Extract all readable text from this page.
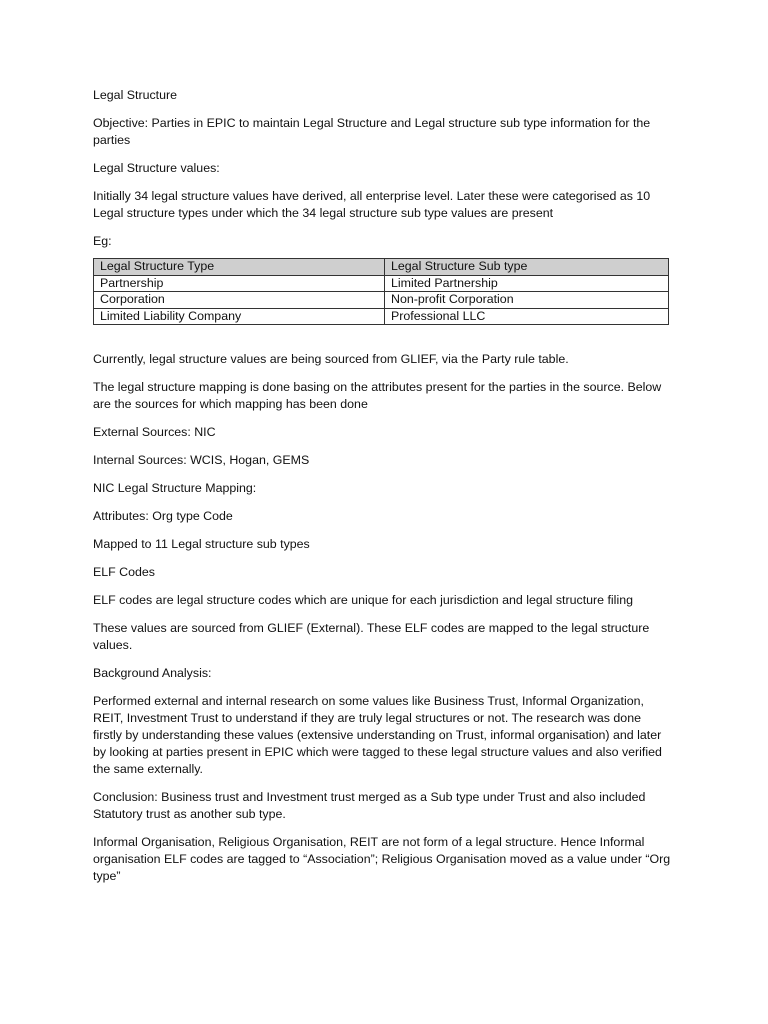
Legal Structure

Objective: Parties in EPIC to maintain Legal Structure and Legal structure sub type information for the parties

Legal Structure values:

Initially 34 legal structure values have derived, all enterprise level. Later these were categorised as 10 Legal structure types under which the 34 legal structure sub type values are present

Eg:

Legal Structure Type	Legal Structure Sub type
Partnership	Limited Partnership
Corporation	Non-profit Corporation
Limited Liability Company	Professional LLC

Currently, legal structure values are being sourced from GLIEF, via the Party rule table.

The legal structure mapping is done basing on the attributes present for the parties in the source. Below are the sources for which mapping has been done

External Sources: NIC

Internal Sources: WCIS, Hogan, GEMS

NIC Legal Structure Mapping:

Attributes: Org type Code

Mapped to 11 Legal structure sub types

ELF Codes

ELF codes are legal structure codes which are unique for each jurisdiction and legal structure filing

These values are sourced from GLIEF (External). These ELF codes are mapped to the legal structure values.

Background Analysis:

Performed external and internal research on some values like Business Trust, Informal Organization, REIT, Investment Trust to understand if they are truly legal structures or not. The research was done firstly by understanding these values (extensive understanding on Trust, informal organisation) and later by looking at parties present in EPIC which were tagged to these legal structure values and also verified the same externally.

Conclusion: Business trust and Investment trust merged as a Sub type under Trust and also included Statutory trust as another sub type.

Informal Organisation, Religious Organisation, REIT are not form of a legal structure. Hence Informal organisation ELF codes are tagged to “Association”; Religious Organisation moved as a value under “Org type”
